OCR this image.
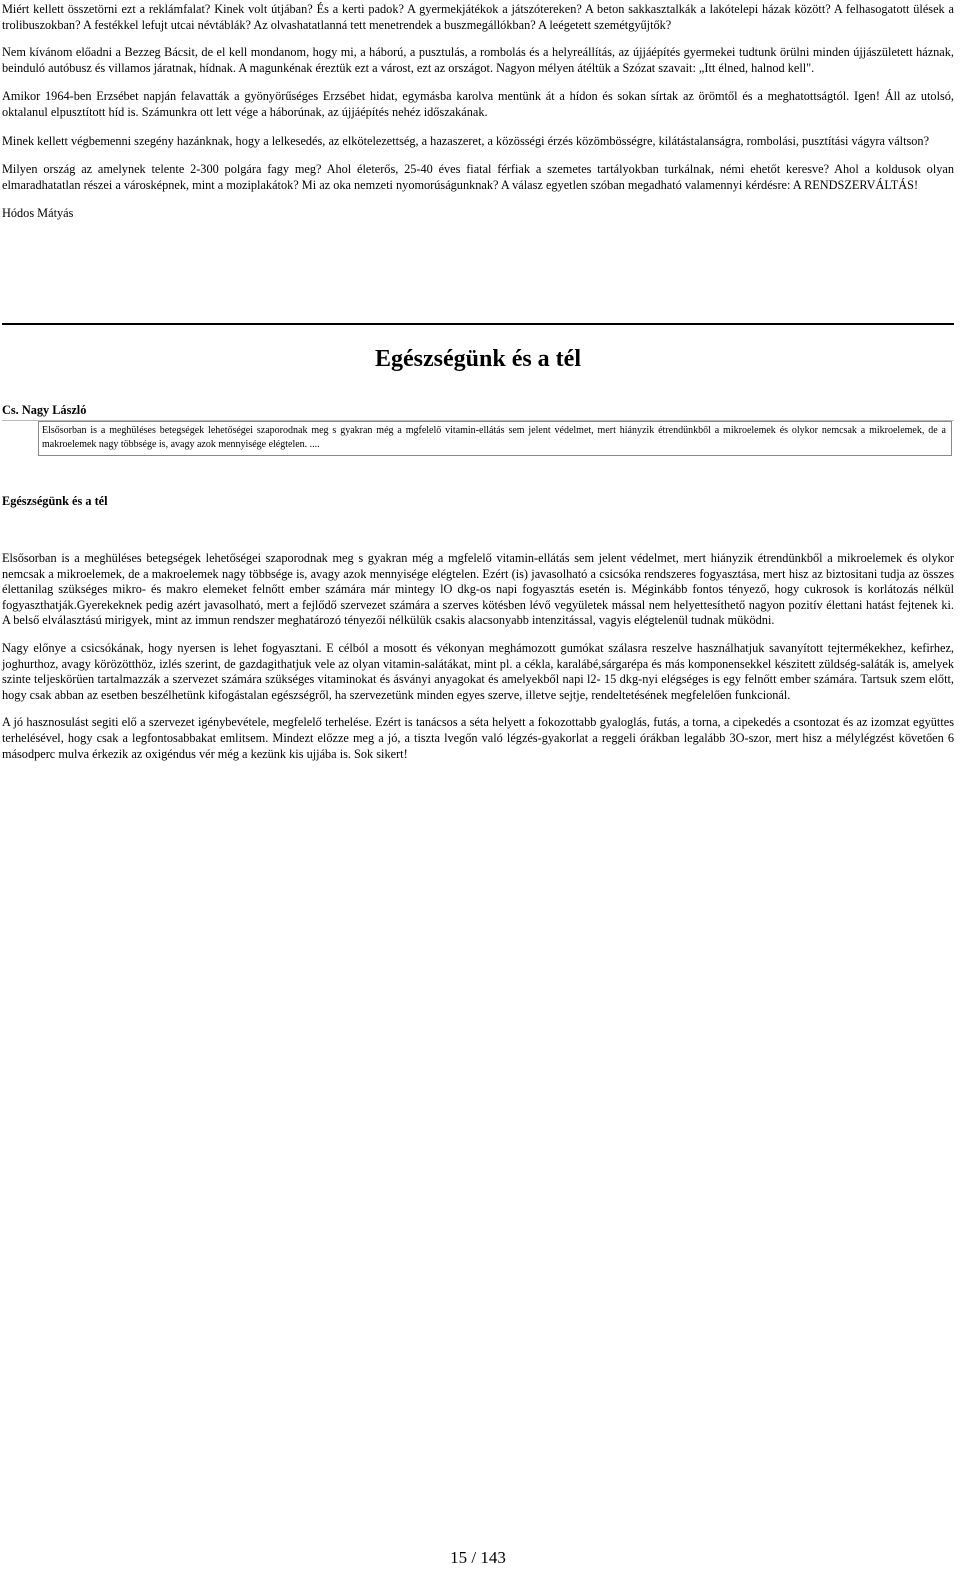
Miért kellett összetörni ezt a reklámfalat? Kinek volt útjában? És a kerti padok? A gyermekjátékok a játszótereken? A beton sakkasztalkák a lakótelepi házak között? A felhasogatott ülések a trolibuszokban? A festékkel lefujt utcai névtáblák? Az olvashatatlanná tett menetrendek a buszmegállókban? A leégetett szemétgyűjtők?

Nem kívánom előadni a Bezzeg Bácsit, de el kell mondanom, hogy mi, a háború, a pusztulás, a rombolás és a helyreállítás, az újjáépítés gyermekei tudtunk örülni minden újjászületett háznak, beinduló autóbusz és villamos járatnak, hídnak. A magunkénak éreztük ezt a várost, ezt az országot. Nagyon mélyen átéltük a Szózat szavait: „Itt élned, halnod kell".

Amikor 1964-ben Erzsébet napján felavatták a gyönyörűséges Erzsébet hidat, egymásba karolva mentünk át a hídon és sokan sírtak az örömtől és a meghatottságtól. Igen! Áll az utolsó, oktalanul elpusztított híd is. Számunkra ott lett vége a háborúnak, az újjáépítés nehéz időszakának.

Minek kellett végbemenni szegény hazánknak, hogy a lelkesedés, az elkötelezettség, a hazaszeret, a közösségi érzés közömbösségre, kilátástalanságra, rombolási, pusztítási vágyra váltson?

Milyen ország az amelynek telente 2-300 polgára fagy meg? Ahol életerős, 25-40 éves fiatal férfiak a szemetes tartályokban turkálnak, némi ehetőt keresve? Ahol a koldusok olyan elmaradhatatlan részei a városképnek, mint a moziplakátok? Mi az oka nemzeti nyomorúságunknak? A válasz egyetlen szóban megadható valamennyi kérdésre: A RENDSZERVÁLTÁS!

Hódos Mátyás

Egészségünk és a tél
Cs. Nagy László
Elsősorban is a meghüléses betegségek lehetőségei szaporodnak meg s gyakran még a mgfelelő vitamin-ellátás sem jelent védelmet, mert hiányzik étrendünkből a mikroelemek és olykor nemcsak a mikroelemek, de a makroelemek nagy többsége is, avagy azok mennyisége elégtelen. ....
Egészségünk és a tél

Elsősorban is a meghüléses betegségek lehetőségei szaporodnak meg s gyakran még a mgfelelő vitamin-ellátás sem jelent védelmet, mert hiányzik étrendünkből a mikroelemek és olykor nemcsak a mikroelemek, de a makroelemek nagy többsége is, avagy azok mennyisége elégtelen. Ezért (is) javasolható a csicsóka rendszeres fogyasztása, mert hisz az biztositani tudja az összes élettanilag szükséges mikro- és makro elemeket felnőtt ember számára már mintegy lO dkg-os napi fogyasztás esetén is. Méginkább fontos tényező, hogy cukrosok is korlátozás nélkül fogyaszthatják.Gyerekeknek pedig azért javasolható, mert a fejlődő szervezet számára a szerves kötésben lévő vegyületek mással nem helyettesíthető nagyon pozitív élettani hatást fejtenek ki. A belső elválasztású mirigyek, mint az immun rendszer meghatározó tényezői nélkülük csakis alacsonyabb intenzitással, vagyis elégtelenül tudnak müködni.

Nagy előnye a csicsókának, hogy nyersen is lehet fogyasztani. E célból a mosott és vékonyan meghámozott gumókat szálasra reszelve használhatjuk savanyított tejtermékekhez, kefirhez, joghurthoz, avagy körözötthöz, izlés szerint, de gazdagithatjuk vele az olyan vitamin-salátákat, mint pl. a cékla, karalábé,sárgarépa és más komponensekkel készitett züldség-saláták is, amelyek szinte teljeskörüen tartalmazzák a szervezet számára szükséges vitaminokat és ásványi anyagokat és amelyekből napi l2- 15 dkg-nyi elégséges is egy felnőtt ember számára. Tartsuk szem előtt, hogy csak abban az esetben beszélhetünk kifogástalan egészségről, ha szervezetünk minden egyes szerve, illetve sejtje, rendeltetésének megfelelően funkcionál.

A jó hasznosulást segiti elő a szervezet igénybevétele, megfelelő terhelése. Ezért is tanácsos a séta helyett a fokozottabb gyaloglás, futás, a torna, a cipekedés a csontozat és az izomzat együttes terhelésével, hogy csak a legfontosabbakat emlitsem. Mindezt előzze meg a jó, a tiszta lvegőn való légzés-gyakorlat a reggeli órákban legalább 3O-szor, mert hisz a mélylégzést követően 6 másodperc mulva érkezik az oxigéndus vér még a kezünk kis ujjába is. Sok sikert!

15 / 143
